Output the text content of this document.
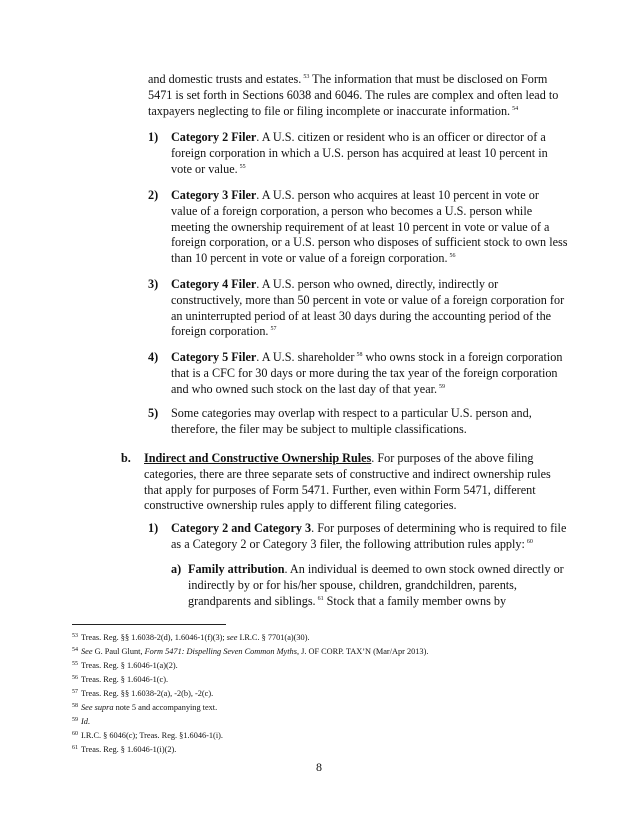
and domestic trusts and estates. $^{53}$ The information that must be disclosed on Form 5471 is set forth in Sections 6038 and 6046. The rules are complex and often lead to taxpayers neglecting to file or filing incomplete or inaccurate information. $^{54}$

1) Category 2 Filer. A U.S. citizen or resident who is an officer or director of a foreign corporation in which a U.S. person has acquired at least 10 percent in vote or value. $^{55}$
2) Category 3 Filer. A U.S. person who acquires at least 10 percent in vote or value of a foreign corporation, a person who becomes a U.S. person while meeting the ownership requirement of at least 10 percent in vote or value of a foreign corporation, or a U.S. person who disposes of sufficient stock to own less than 10 percent in vote or value of a foreign corporation. $^{56}$
3) Category 4 Filer. A U.S. person who owned, directly, indirectly or constructively, more than 50 percent in vote or value of a foreign corporation for an uninterrupted period of at least 30 days during the accounting period of the foreign corporation. $^{57}$
4) Category 5 Filer. A U.S. shareholder $^{58}$ who owns stock in a foreign corporation that is a CFC for 30 days or more during the tax year of the foreign corporation and who owned such stock on the last day of that year. $^{59}$
5) Some categories may overlap with respect to a particular U.S. person and, therefore, the filer may be subject to multiple classifications.
b. Indirect and Constructive Ownership Rules. For purposes of the above filing categories, there are three separate sets of constructive and indirect ownership rules that apply for purposes of Form 5471. Further, even within Form 5471, different constructive ownership rules apply to different filing categories.
1) Category 2 and Category 3. For purposes of determining who is required to file as a Category 2 or Category 3 filer, the following attribution rules apply: $^{60}$
a) Family attribution. An individual is deemed to own stock owned directly or indirectly by or for his/her spouse, children, grandchildren, parents, grandparents and siblings. $^{61}$ Stock that a family member owns by
$^{53}$ Treas. Reg. §§ 1.6038-2(d), 1.6046-1(f)(3); see I.R.C. § 7701(a)(30).
$^{54}$ See G. Paul Glunt, Form 5471: Dispelling Seven Common Myths, J. OF CORP. TAX’N (Mar/Apr 2013).
$^{55}$ Treas. Reg. § 1.6046-1(a)(2).
$^{56}$ Treas. Reg. § 1.6046-1(c).
$^{57}$ Treas. Reg. §§ 1.6038-2(a), -2(b), -2(c).
$^{58}$ See supra note 5 and accompanying text.
$^{59}$ Id.
$^{60}$ I.R.C. § 6046(c); Treas. Reg. §1.6046-1(i).
$^{61}$ Treas. Reg. § 1.6046-1(i)(2).
8
